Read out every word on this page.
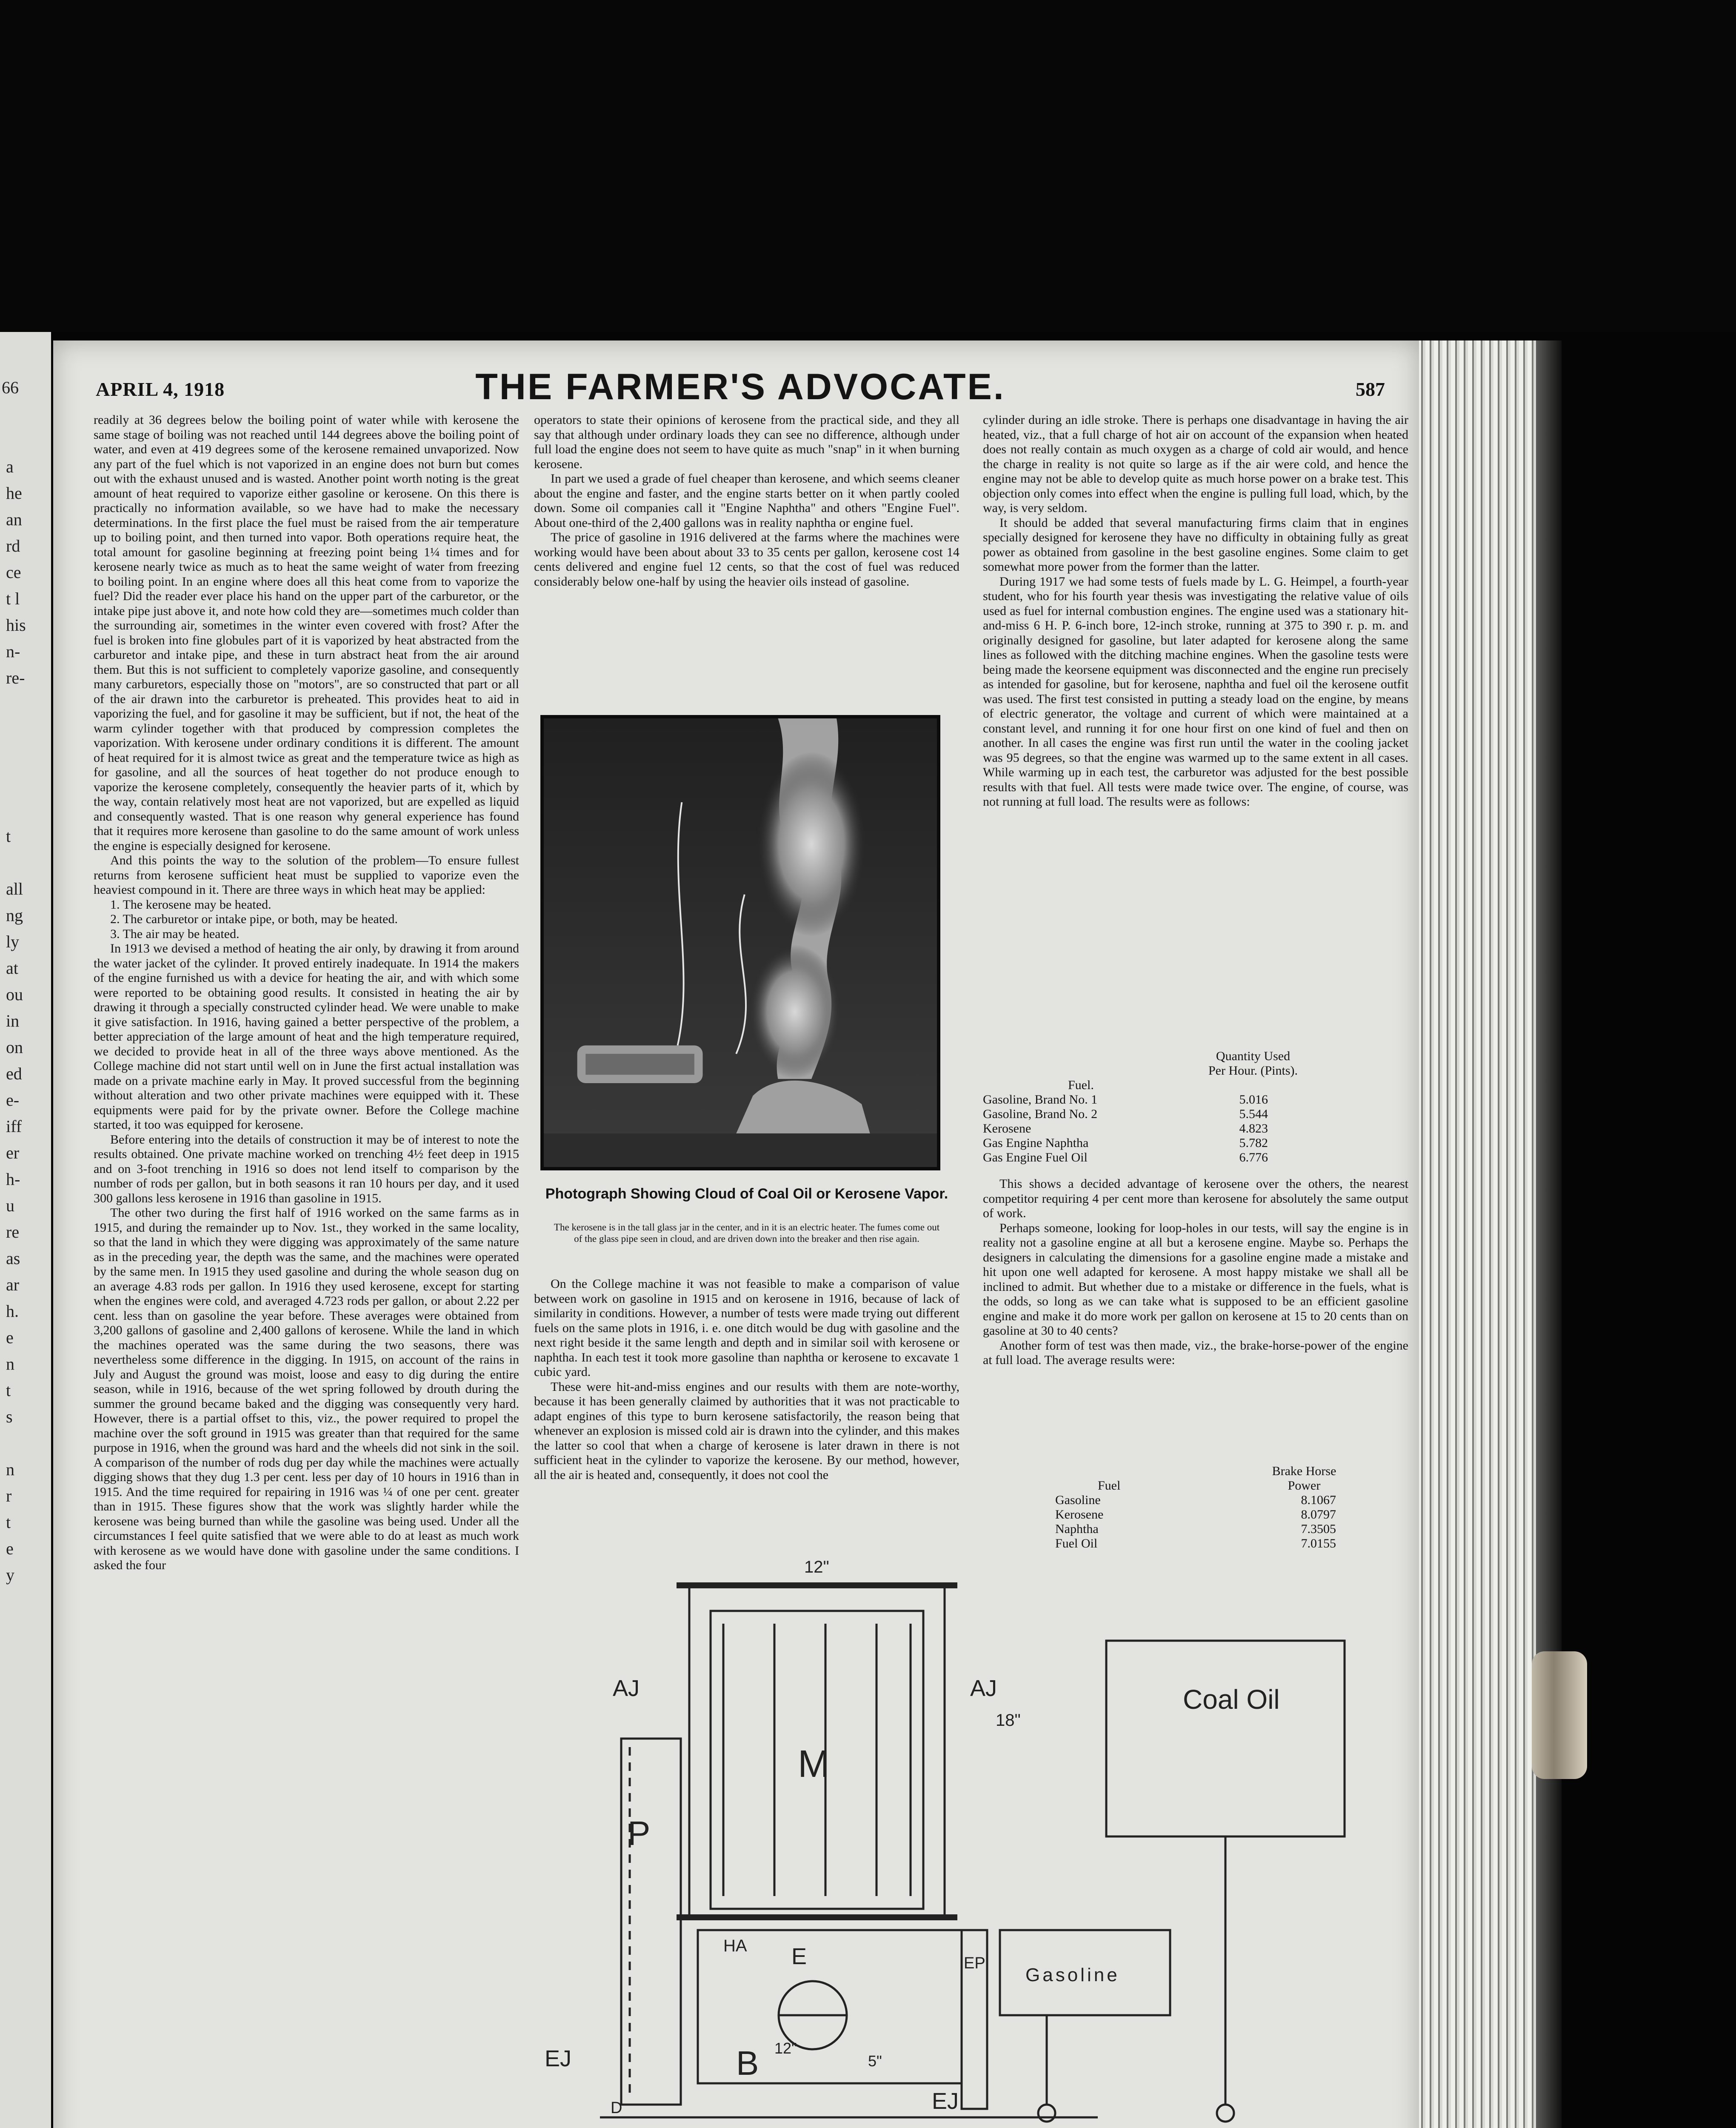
66

a
he
an
rd
ce
t l
his
n-
re-

t

all
ng
ly
at
ou
in
on
ed
e-
iff
er
h-
u
re
as
ar
h.
e
n
t
s

n
r
t
e
y
APRIL 4, 1918	THE FARMER'S ADVOCATE.	587

readily at 36 degrees below the boiling point of water while with kerosene the same stage of boiling was not reached until 144 degrees above the boiling point of water, and even at 419 degrees some of the kerosene remained unvaporized. Now any part of the fuel which is not vaporized in an engine does not burn but comes out with the exhaust unused and is wasted. Another point worth noting is the great amount of heat required to vaporize either gasoline or kerosene. On this there is practically no information available, so we have had to make the necessary determinations. In the first place the fuel must be raised from the air temperature up to boiling point, and then turned into vapor. Both operations require heat, the total amount for gasoline beginning at freezing point being 1¼ times and for kerosene nearly twice as much as to heat the same weight of water from freezing to boiling point. In an engine where does all this heat come from to vaporize the fuel? Did the reader ever place his hand on the upper part of the carburetor, or the intake pipe just above it, and note how cold they are—sometimes much colder than the surrounding air, sometimes in the winter even covered with frost? After the fuel is broken into fine globules part of it is vaporized by heat abstracted from the carburetor and intake pipe, and these in turn abstract heat from the air around them. But this is not sufficient to completely vaporize gasoline, and consequently many carburetors, especially those on "motors", are so constructed that part or all of the air drawn into the carburetor is preheated. This provides heat to aid in vaporizing the fuel, and for gasoline it may be sufficient, but if not, the heat of the warm cylinder together with that produced by compression completes the vaporization. With kerosene under ordinary conditions it is different. The amount of heat required for it is almost twice as great and the temperature twice as high as for gasoline, and all the sources of heat together do not produce enough to vaporize the kerosene completely, consequently the heavier parts of it, which by the way, contain relatively most heat are not vaporized, but are expelled as liquid and consequently wasted. That is one reason why general experience has found that it requires more kerosene than gasoline to do the same amount of work unless the engine is especially designed for kerosene.

And this points the way to the solution of the problem—To ensure fullest returns from kerosene sufficient heat must be supplied to vaporize even the heaviest compound in it. There are three ways in which heat may be applied:

1. The kerosene may be heated.

2. The carburetor or intake pipe, or both, may be heated.

3. The air may be heated.

In 1913 we devised a method of heating the air only, by drawing it from around the water jacket of the cylinder. It proved entirely inadequate. In 1914 the makers of the engine furnished us with a device for heating the air, and with which some were reported to be obtaining good results. It consisted in heating the air by drawing it through a specially constructed cylinder head. We were unable to make it give satisfaction. In 1916, having gained a better perspective of the problem, a better appreciation of the large amount of heat and the high temperature required, we decided to provide heat in all of the three ways above mentioned. As the College machine did not start until well on in June the first actual installation was made on a private machine early in May. It proved successful from the beginning without alteration and two other private machines were equipped with it. These equipments were paid for by the private owner. Before the College machine started, it too was equipped for kerosene.

Before entering into the details of construction it may be of interest to note the results obtained. One private machine worked on trenching 4½ feet deep in 1915 and on 3-foot trenching in 1916 so does not lend itself to comparison by the number of rods per gallon, but in both seasons it ran 10 hours per day, and it used 300 gallons less kerosene in 1916 than gasoline in 1915.

The other two during the first half of 1916 worked on the same farms as in 1915, and during the remainder up to Nov. 1st., they worked in the same locality, so that the land in which they were digging was approximately of the same nature as in the preceding year, the depth was the same, and the machines were operated by the same men. In 1915 they used gasoline and during the whole season dug on an average 4.83 rods per gallon. In 1916 they used kerosene, except for starting when the engines were cold, and averaged 4.723 rods per gallon, or about 2.22 per cent. less than on gasoline the year before. These averages were obtained from 3,200 gallons of gasoline and 2,400 gallons of kerosene. While the land in which the machines operated was the same during the two seasons, there was nevertheless some difference in the digging. In 1915, on account of the rains in July and August the ground was moist, loose and easy to dig during the entire season, while in 1916, because of the wet spring followed by drouth during the summer the ground became baked and the digging was consequently very hard. However, there is a partial offset to this, viz., the power required to propel the machine over the soft ground in 1915 was greater than that required for the same purpose in 1916, when the ground was hard and the wheels did not sink in the soil. A comparison of the number of rods dug per day while the machines were actually digging shows that they dug 1.3 per cent. less per day of 10 hours in 1916 than in 1915. And the time required for repairing in 1916 was ¼ of one per cent. greater than in 1915. These figures show that the work was slightly harder while the kerosene was being burned than while the gasoline was being used. Under all the circumstances I feel quite satisfied that we were able to do at least as much work with kerosene as we would have done with gasoline under the same conditions. I asked the four

operators to state their opinions of kerosene from the practical side, and they all say that although under ordinary loads they can see no difference, although under full load the engine does not seem to have quite as much "snap" in it when burning kerosene.

In part we used a grade of fuel cheaper than kerosene, and which seems cleaner about the engine and faster, and the engine starts better on it when partly cooled down. Some oil companies call it "Engine Naphtha" and others "Engine Fuel". About one-third of the 2,400 gallons was in reality naphtha or engine fuel.

The price of gasoline in 1916 delivered at the farms where the machines were working would have been about about 33 to 35 cents per gallon, kerosene cost 14 cents delivered and engine fuel 12 cents, so that the cost of fuel was reduced considerably below one-half by using the heavier oils instead of gasoline.

Photograph Showing Cloud of Coal Oil or Kerosene Vapor.
The kerosene is in the tall glass jar in the center, and in it is an electric heater. The fumes come out of the glass pipe seen in cloud, and are driven down into the breaker and then rise again.

On the College machine it was not feasible to make a comparison of value between work on gasoline in 1915 and on kerosene in 1916, because of lack of similarity in conditions. However, a number of tests were made trying out different fuels on the same plots in 1916, i. e. one ditch would be dug with gasoline and the next right beside it the same length and depth and in similar soil with kerosene or naphtha. In each test it took more gasoline than naphtha or kerosene to excavate 1 cubic yard.

These were hit-and-miss engines and our results with them are note-worthy, because it has been generally claimed by authorities that it was not practicable to adapt engines of this type to burn kerosene satisfactorily, the reason being that whenever an explosion is missed cold air is drawn into the cylinder, and this makes the latter so cool that when a charge of kerosene is later drawn in there is not sufficient heat in the cylinder to vaporize the kerosene. By our method, however, all the air is heated and, consequently, it does not cool the

cylinder during an idle stroke. There is perhaps one disadvantage in having the air heated, viz., that a full charge of hot air on account of the expansion when heated does not really contain as much oxygen as a charge of cold air would, and hence the charge in reality is not quite so large as if the air were cold, and hence the engine may not be able to develop quite as much horse power on a brake test. This objection only comes into effect when the engine is pulling full load, which, by the way, is very seldom.

It should be added that several manufacturing firms claim that in engines specially designed for kerosene they have no difficulty in obtaining fully as great power as obtained from gasoline in the best gasoline engines. Some claim to get somewhat more power from the former than the latter.

During 1917 we had some tests of fuels made by L. G. Heimpel, a fourth-year student, who for his fourth year thesis was investigating the relative value of oils used as fuel for internal combustion engines. The engine used was a stationary hit-and-miss 6 H. P. 6-inch bore, 12-inch stroke, running at 375 to 390 r. p. m. and originally designed for gasoline, but later adapted for kerosene along the same lines as followed with the ditching machine engines. When the gasoline tests were being made the keorsene equipment was disconnected and the engine run precisely as intended for gasoline, but for kerosene, naphtha and fuel oil the kerosene outfit was used. The first test consisted in putting a steady load on the engine, by means of electric generator, the voltage and current of which were maintained at a constant level, and running it for one hour first on one kind of fuel and then on another. In all cases the engine was first run until the water in the cooling jacket was 95 degrees, so that the engine was warmed up to the same extent in all cases. While warming up in each test, the carburetor was adjusted for the best possible results with that fuel. All tests were made twice over. The engine, of course, was not running at full load. The results were as follows:

Fuel.
Quantity Used Per Hour. (Pints).
Gasoline, Brand No. 1	5.016
Gasoline, Brand No. 2	5.544
Kerosene	4.823
Gas Engine Naphtha	5.782
Gas Engine Fuel Oil	6.776

This shows a decided advantage of kerosene over the others, the nearest competitor requiring 4 per cent more than kerosene for absolutely the same output of work.

Perhaps someone, looking for loop-holes in our tests, will say the engine is in reality not a gasoline engine at all but a kerosene engine. Maybe so. Perhaps the designers in calculating the dimensions for a gasoline engine made a mistake and hit upon one well adapted for kerosene. A most happy mistake we shall all be inclined to admit. But whether due to a mistake or difference in the fuels, what is the odds, so long as we can take what is supposed to be an efficient gasoline engine and make it do more work per gallon on kerosene at 15 to 20 cents than on gasoline at 30 to 40 cents?

Another form of test was then made, viz., the brake-horse-power of the engine at full load. The average results were:

Fuel
Brake Horse Power
Gasoline	8.1067
Kerosene	8.0797
Naphtha	7.3505
Fuel Oil	7.0155
AJ	AJ
M
P
HA E
B
EJ
EJ
EP
D
12"
18"
12"
5"
Coal Oil
Gasoline
